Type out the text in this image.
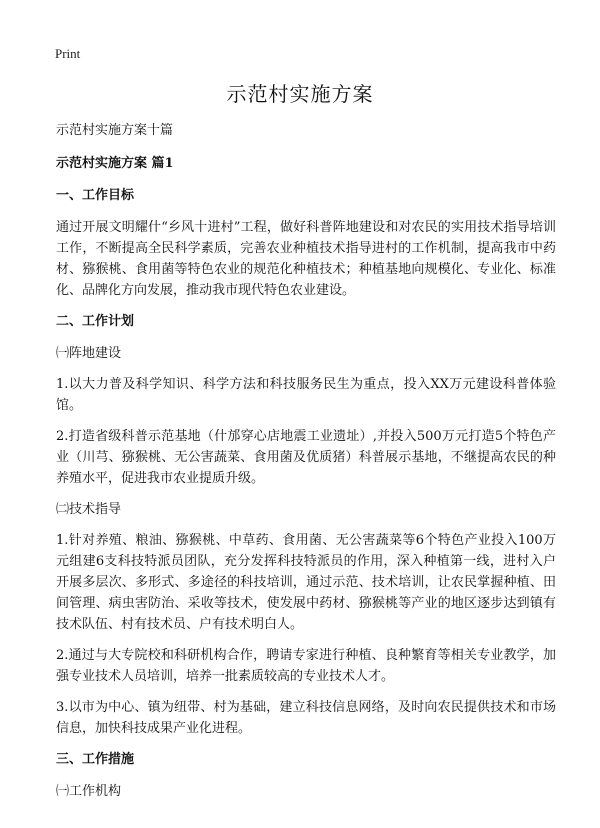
Print
示范村实施方案

示范村实施方案十篇

示范村实施方案 篇1

一、工作目标

通过开展文明耀什“乡风十进村”工程，做好科普阵地建设和对农民的实用技术指导培训工作，不断提高全民科学素质，完善农业种植技术指导进村的工作机制，提高我市中药材、猕猴桃、食用菌等特色农业的规范化种植技术；种植基地向规模化、专业化、标准化、品牌化方向发展，推动我市现代特色农业建设。

二、工作计划

㈠阵地建设

1.以大力普及科学知识、科学方法和科技服务民生为重点，投入XX万元建设科普体验馆。

2.打造省级科普示范基地（什邡穿心店地震工业遗址）,并投入500万元打造5个特色产业（川芎、猕猴桃、无公害蔬菜、食用菌及优质猪）科普展示基地，不继提高农民的种养殖水平，促进我市农业提质升级。

㈡技术指导

1.针对养殖、粮油、猕猴桃、中草药、食用菌、无公害蔬菜等6个特色产业投入100万元组建6支科技特派员团队，充分发挥科技特派员的作用，深入种植第一线，进村入户开展多层次、多形式、多途径的科技培训，通过示范、技术培训，让农民掌握种植、田间管理、病虫害防治、采收等技术，使发展中药材、猕猴桃等产业的地区逐步达到镇有技术队伍、村有技术员、户有技术明白人。

2.通过与大专院校和科研机构合作，聘请专家进行种植、良种繁育等相关专业教学，加强专业技术人员培训，培养一批素质较高的专业技术人才。

3.以市为中心、镇为纽带、村为基础，建立科技信息网络，及时向农民提供技术和市场信息，加快科技成果产业化进程。

三、工作措施

㈠工作机构
